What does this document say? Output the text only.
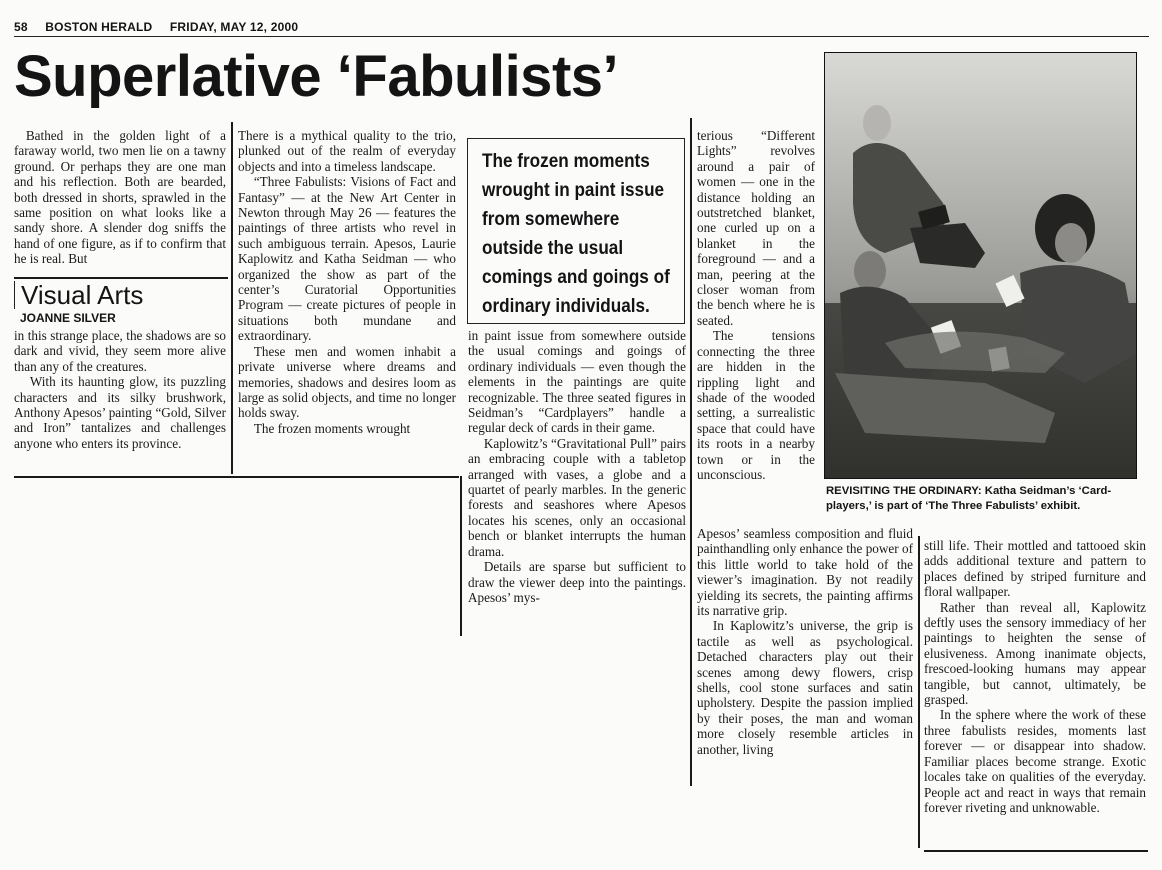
58 BOSTON HERALD FRIDAY, MAY 12, 2000
Superlative ‘Fabulists’

Bathed in the golden light of a faraway world, two men lie on a tawny ground. Or perhaps they are one man and his reflection. Both are bearded, both dressed in shorts, sprawled in the same position on what looks like a sandy shore. A slender dog sniffs the hand of one figure, as if to confirm that he is real. But

Visual Arts
JOANNE SILVER

in this strange place, the shadows are so dark and vivid, they seem more alive than any of the creatures.

With its haunting glow, its puzzling characters and its silky brushwork, Anthony Apesos’ painting “Gold, Silver and Iron” tantalizes and challenges anyone who enters its province.

There is a mythical quality to the trio, plunked out of the realm of everyday objects and into a timeless landscape.

“Three Fabulists: Visions of Fact and Fantasy” — at the New Art Center in Newton through May 26 — features the paintings of three artists who revel in such ambiguous terrain. Apesos, Laurie Kaplowitz and Katha Seidman — who organized the show as part of the center’s Curatorial Opportunities Program — create pictures of people in situations both mundane and extraordinary.

These men and women inhabit a private universe where dreams and memories, shadows and desires loom as large as solid objects, and time no longer holds sway.

The frozen moments wrought

The frozen moments wrought in paint issue from somewhere outside the usual comings and goings of ordinary individuals.

in paint issue from somewhere outside the usual comings and goings of ordinary individuals — even though the elements in the paintings are quite recognizable. The three seated figures in Seidman’s “Cardplayers” handle a regular deck of cards in their game.

Kaplowitz’s “Gravitational Pull” pairs an embracing couple with a tabletop arranged with vases, a globe and a quartet of pearly marbles. In the generic forests and seashores where Apesos locates his scenes, only an occasional bench or blanket interrupts the human drama.

Details are sparse but sufficient to draw the viewer deep into the paintings. Apesos’ mys-

terious “Different Lights” revolves around a pair of women — one in the distance holding an outstretched blanket, one curled up on a blanket in the foreground — and a man, peering at the closer woman from the bench where he is seated.

The tensions connecting the three are hidden in the rippling light and shade of the wooded setting, a surrealistic space that could have its roots in a nearby town or in the unconscious.

REVISITING THE ORDINARY: Katha Seidman’s ‘Card- players,’ is part of ‘The Three Fabulists’ exhibit.

Apesos’ seamless composition and fluid painthandling only enhance the power of this little world to take hold of the viewer’s imagination. By not readily yielding its secrets, the painting affirms its narrative grip.

In Kaplowitz’s universe, the grip is tactile as well as psychological. Detached characters play out their scenes among dewy flowers, crisp shells, cool stone surfaces and satin upholstery. Despite the passion implied by their poses, the man and woman more closely resemble articles in another, living

still life. Their mottled and tattooed skin adds additional texture and pattern to places defined by striped furniture and floral wallpaper.

Rather than reveal all, Kaplowitz deftly uses the sensory immediacy of her paintings to heighten the sense of elusiveness. Among inanimate objects, frescoed-looking humans may appear tangible, but cannot, ultimately, be grasped.

In the sphere where the work of these three fabulists resides, moments last forever — or disappear into shadow. Familiar places become strange. Exotic locales take on qualities of the everyday. People act and react in ways that remain forever riveting and unknowable.
